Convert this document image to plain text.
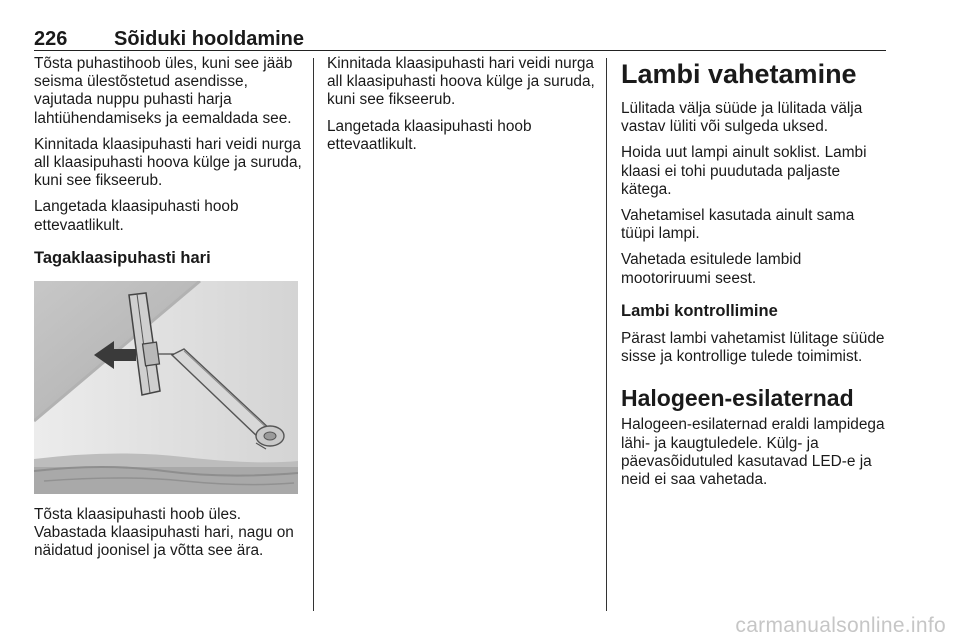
226 Sõiduki hooldamine

Tõsta puhastihoob üles, kuni see jääb seisma ülestõstetud asendisse, vajutada nuppu puhasti harja lahtiühendamiseks ja eemaldada see.

Kinnitada klaasipuhasti hari veidi nurga all klaasipuhasti hoova külge ja suruda, kuni see fikseerub.

Langetada klaasipuhasti hoob ettevaatlikult.

Tagaklaasipuhasti hari

Tõsta klaasipuhasti hoob üles. Vabastada klaasipuhasti hari, nagu on näidatud joonisel ja võtta see ära.

Kinnitada klaasipuhasti hari veidi nurga all klaasipuhasti hoova külge ja suruda, kuni see fikseerub.

Langetada klaasipuhasti hoob ettevaatlikult.

Lambi vahetamine

Lülitada välja süüde ja lülitada välja vastav lüliti või sulgeda uksed.

Hoida uut lampi ainult soklist. Lambi klaasi ei tohi puudutada paljaste kätega.

Vahetamisel kasutada ainult sama tüüpi lampi.

Vahetada esitulede lambid mootoriruumi seest.

Lambi kontrollimine

Pärast lambi vahetamist lülitage süüde sisse ja kontrollige tulede toimimist.

Halogeen-esilaternad

Halogeen-esilaternad eraldi lampidega lähi- ja kaugtuledele. Külg- ja päevasõidutuled kasutavad LED-e ja neid ei saa vahetada.

carmanualsonline.info
